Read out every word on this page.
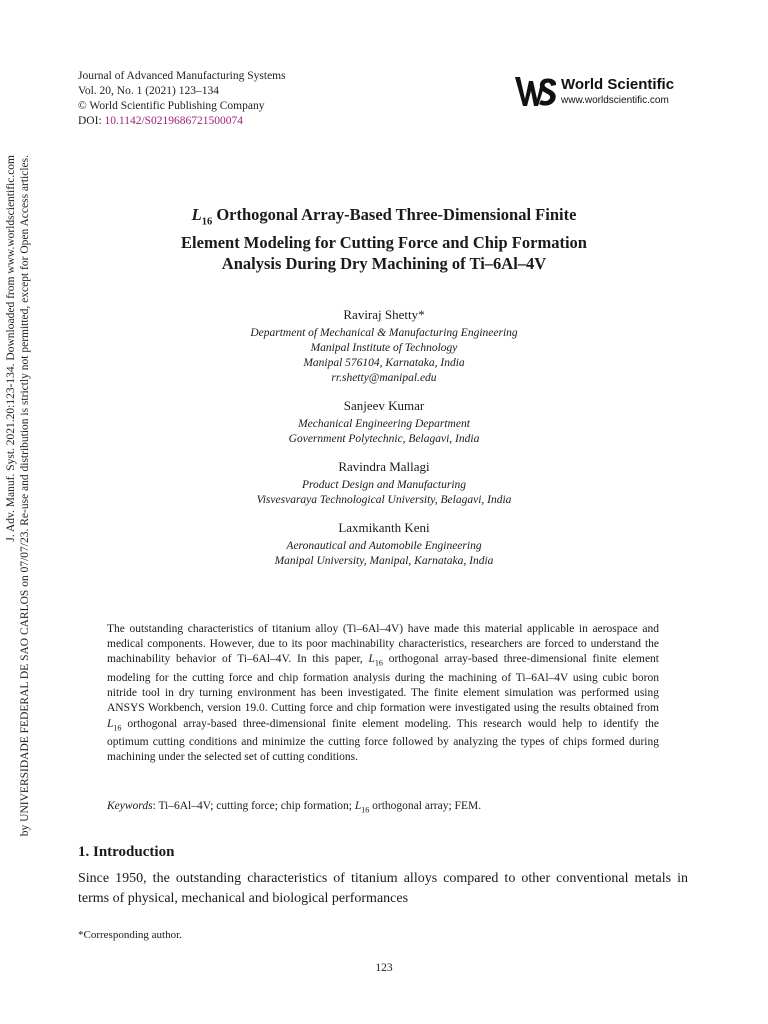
J. Adv. Manuf. Syst. 2021.20:123-134. Downloaded from www.worldscientific.com by UNIVERSIDADE FEDERAL DE SAO CARLOS on 07/07/23. Re-use and distribution is strictly not permitted, except for Open Access articles.
Journal of Advanced Manufacturing Systems
Vol. 20, No. 1 (2021) 123–134
© World Scientific Publishing Company
DOI: 10.1142/S0219686721500074
World Scientific
www.worldscientific.com
$L_{16}$ Orthogonal Array-Based Three-Dimensional Finite
Element Modeling for Cutting Force and Chip Formation
Analysis During Dry Machining of Ti–6Al–4V
Raviraj Shetty*
Department of Mechanical & Manufacturing Engineering
Manipal Institute of Technology
Manipal 576104, Karnataka, India
rr.shetty@manipal.edu
Sanjeev Kumar
Mechanical Engineering Department
Government Polytechnic, Belagavi, India
Ravindra Mallagi
Product Design and Manufacturing
Visvesvaraya Technological University, Belagavi, India
Laxmikanth Keni
Aeronautical and Automobile Engineering
Manipal University, Manipal, Karnataka, India
The outstanding characteristics of titanium alloy (Ti–6Al–4V) have made this material applicable in aerospace and medical components. However, due to its poor machinability characteristics, researchers are forced to understand the machinability behavior of Ti–6Al–4V. In this paper, $L_{16}$ orthogonal array-based three-dimensional finite element modeling for the cutting force and chip formation analysis during the machining of Ti–6Al–4V using cubic boron nitride tool in dry turning environment has been investigated. The finite element simulation was performed using ANSYS Workbench, version 19.0. Cutting force and chip formation were investigated using the results obtained from $L_{16}$ orthogonal array-based three-dimensional finite element modeling. This research would help to identify the optimum cutting conditions and minimize the cutting force followed by analyzing the types of chips formed during machining under the selected set of cutting conditions.
Keywords: Ti–6Al–4V; cutting force; chip formation; $L_{16}$ orthogonal array; FEM.
1. Introduction
Since 1950, the outstanding characteristics of titanium alloys compared to other conventional metals in terms of physical, mechanical and biological performances
*Corresponding author.
123
